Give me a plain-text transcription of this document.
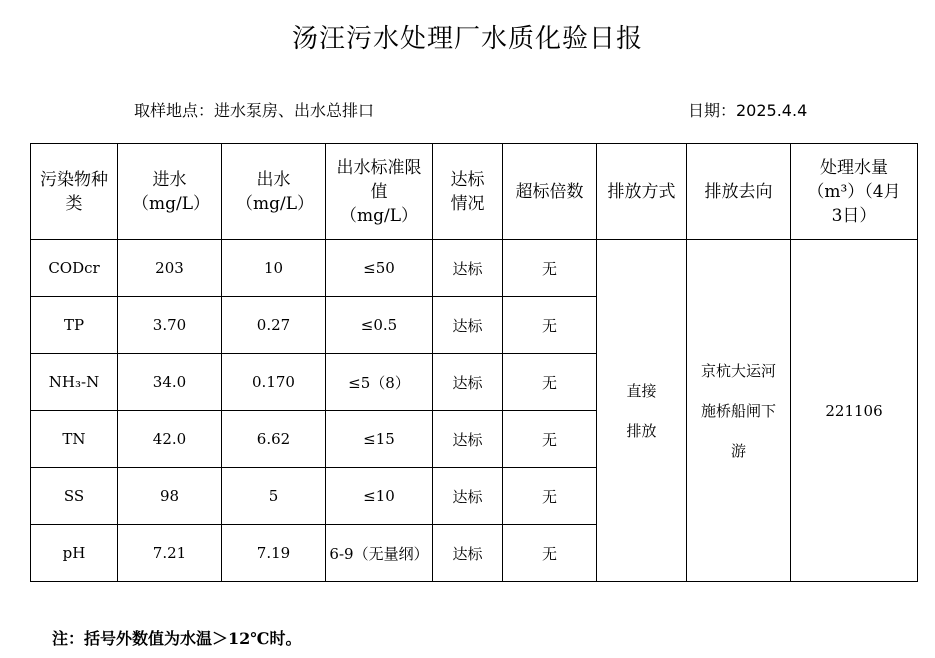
汤汪污水处理厂水质化验日报
取样地点：进水泵房、出水总排口	日期：2025.4.4
污染物种类	进水（mg/L）	出水（mg/L）	出水标准限值（mg/L）	达标情况	超标倍数	排放方式	排放去向	处理水量（m³）（4月3日）
CODcr	203	10	≤50	达标	无	直接排放	京杭大运河施桥船闸下游	221106
TP	3.70	0.27	≤0.5	达标	无			
NH₃-N	34.0	0.170	≤5（8）	达标	无			
TN	42.0	6.62	≤15	达标	无			
SS	98	5	≤10	达标	无			
pH	7.21	7.19	6-9（无量纲）	达标	无			
注：括号外数值为水温＞12℃时。
